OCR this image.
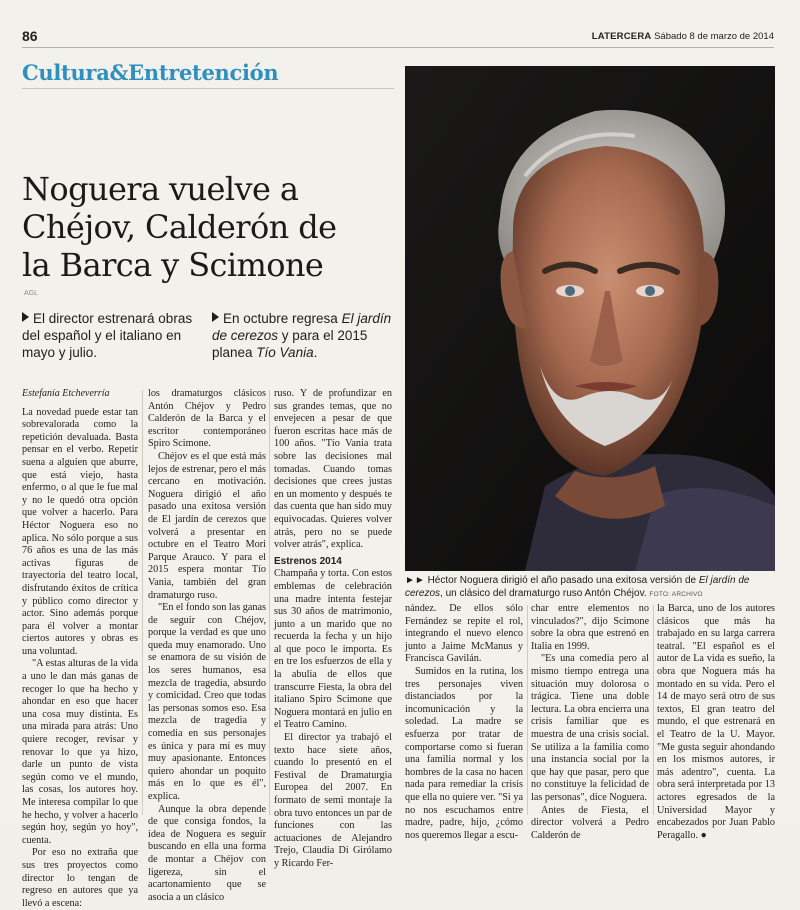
86	LATERCERA Sábado 8 de marzo de 2014
Cultura&Entretención
Noguera vuelve a
Chéjov, Calderón de
la Barca y Scimone
AGL
El director estrenará obras del español y el italiano en mayo y julio.
En octubre regresa El jardín de cerezos y para el 2015 planea Tío Vania.
►► Héctor Noguera dirigió el año pasado una exitosa versión de El jardín de cerezos, un clásico del dramaturgo ruso Antón Chéjov. FOTO: ARCHIVO
Estefanía Etcheverría

La novedad puede estar tan sobrevalorada como la repetición devaluada. Basta pensar en el verbo. Repetir suena a alguien que aburre, que está viejo, hasta enfermo, o al que le fue mal y no le quedó otra opción que volver a hacerlo. Para Héctor Noguera eso no aplica. No sólo porque a sus 76 años es una de las más activas figuras de trayectoria del teatro local, disfrutando éxitos de crítica y público como director y actor. Sino además porque para él volver a montar ciertos autores y obras es una voluntad.

"A estas alturas de la vida a uno le dan más ganas de recoger lo que ha hecho y ahondar en eso que hacer una cosa muy distinta. Es una mirada para atrás: Uno quiere recoger, revisar y renovar lo que ya hizo, darle un punto de vista según como ve el mundo, las cosas, los autores hoy. Me interesa compilar lo que he hecho, y volver a hacerlo según hoy, según yo hoy", cuenta.

Por eso no extraña que sus tres proyectos como director lo tengan de regreso en autores que ya llevó a escena:

los dramaturgos clásicos Antón Chéjov y Pedro Calderón de la Barca y el escritor contemporáneo Spiro Scimone.

Chéjov es el que está más lejos de estrenar, pero el más cercano en motivación. Noguera dirigió el año pasado una exitosa versión de El jardín de cerezos que volverá a presentar en octubre en el Teatro Mori Parque Arauco. Y para el 2015 espera montar Tío Vania, también del gran dramaturgo ruso.

"En el fondo son las ganas de seguir con Chéjov, porque la verdad es que uno queda muy enamorado. Uno se enamora de su visión de los seres humanos, esa mezcla de tragedia, absurdo y comicidad. Creo que todas las personas somos eso. Esa mezcla de tragedia y comedia en sus personajes es única y para mí es muy muy apasionante. Entonces quiero ahondar un poquito más en lo que es él", explica.

Aunque la obra depende de que consiga fondos, la idea de Noguera es seguir buscando en ella una forma de montar a Chéjov con ligereza, sin el acartonamiento que se asocia a un clásico

ruso. Y de profundizar en sus grandes temas, que no envejecen a pesar de que fueron escritas hace más de 100 años. "Tío Vania trata sobre las decisiones mal tomadas. Cuando tomas decisiones que crees justas en un momento y después te das cuenta que han sido muy equivocadas. Quieres volver atrás, pero no se puede volver atrás", explica.

Estrenos 2014

Champaña y torta. Con estos emblemas de celebración una madre intenta festejar sus 30 años de matrimonio, junto a un marido que no recuerda la fecha y un hijo al que poco le importa. Es en tre los esfuerzos de ella y la abulia de ellos que transcurre Fiesta, la obra del italiano Spiro Scimone que Noguera montará en julio en el Teatro Camino.

El director ya trabajó el texto hace siete años, cuando lo presentó en el Festival de Dramaturgia Europea del 2007. En formato de semi montaje la obra tuvo entonces un par de funciones con las actuaciones de Alejandro Trejo, Claudia Di Girólamo y Ricardo Fer-

nández. De ellos sólo Fernández se repite el rol, integrando el nuevo elenco junto a Jaime McManus y Francisca Gavilán.

Sumidos en la rutina, los tres personajes viven distanciados por la incomunicación y la soledad. La madre se esfuerza por tratar de comportarse como si fueran una familia normal y los hombres de la casa no hacen nada para remediar la crisis que ella no quiere ver. "Si ya no nos escuchamos entre madre, padre, hijo, ¿cómo nos queremos llegar a escu-

char entre elementos no vinculados?", dijo Scimone sobre la obra que estrenó en Italia en 1999.

"Es una comedia pero al mismo tiempo entrega una situación muy dolorosa o trágica. Tiene una doble lectura. La obra encierra una crisis familiar que es muestra de una crisis social. Se utiliza a la familia como una instancia social por la que hay que pasar, pero que no constituye la felicidad de las personas", dice Noguera.

Antes de Fiesta, el director volverá a Pedro Calderón de

la Barca, uno de los autores clásicos que más ha trabajado en su larga carrera teatral. "El español es el autor de La vida es sueño, la obra que Noguera más ha montado en su vida. Pero el 14 de mayo será otro de sus textos, El gran teatro del mundo, el que estrenará en el Teatro de la U. Mayor. "Me gusta seguir ahondando en los mismos autores, ir más adentro", cuenta. La obra será interpretada por 13 actores egresados de la Universidad Mayor y encabezados por Juan Pablo Peragallo. ●
